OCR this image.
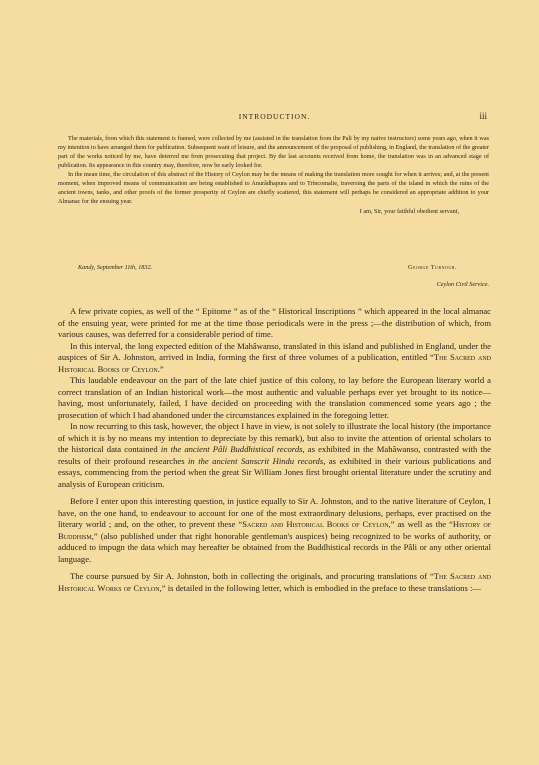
INTRODUCTION.	iii

The materials, from which this statement is framed, were collected by me (assisted in the translation from the Pali by my native instructors) some years ago, when it was my intention to have arranged them for publication. Subsequent want of leisure, and the announcement of the proposal of publishing, in England, the translation of the greater part of the works noticed by me, have deterred me from prosecuting that project. By the last accounts received from home, the translation was in an advanced stage of publication. Its appearance in this country may, therefore, now be early looked for.

In the mean time, the circulation of this abstract of the History of Ceylon may be the means of making the translation more sought for when it arrives; and, at the present moment, when improved means of communication are being established to Anurâdhapura and to Trincomalie, traversing the parts of the island in which the ruins of the ancient towns, tanks, and other proofs of the former prosperity of Ceylon are chiefly scattered, this statement will perhaps be considered an appropriate addition to your Almanac for the ensuing year.

I am, Sir, your faithful obedient servant,
Kandy, September 11th, 1832.	George Turnour.
Ceylon Civil Service.

A few private copies, as well of the “ Epitome ” as of the “ Historical Inscriptions ” which appeared in the local almanac of the ensuing year, were printed for me at the time those periodicals were in the press ;—the distribution of which, from various causes, was deferred for a considerable period of time.

In this interval, the long expected edition of the Mahâwanso, translated in this island and published in England, under the auspices of Sir A. Johnston, arrived in India, forming the first of three volumes of a publication, entitled “The Sacred and Historical Books of Ceylon.”

This laudable endeavour on the part of the late chief justice of this colony, to lay before the European literary world a correct translation of an Indian historical work—the most authentic and valuable perhaps ever yet brought to its notice—having, most unfortunately, failed, I have decided on proceeding with the translation commenced some years ago ; the prosecution of which I had abandoned under the circumstances explained in the foregoing letter.

In now recurring to this task, however, the object I have in view, is not solely to illustrate the local history (the importance of which it is by no means my intention to depreciate by this remark), but also to invite the attention of oriental scholars to the historical data contained in the ancient Pâli Buddhistical records, as exhibited in the Mahâwanso, contrasted with the results of their profound researches in the ancient Sanscrit Hindu records, as exhibited in their various publications and essays, commencing from the period when the great Sir William Jones first brought oriental literature under the scrutiny and analysis of European criticism.

Before I enter upon this interesting question, in justice equally to Sir A. Johnston, and to the native literature of Ceylon, I have, on the one hand, to endeavour to account for one of the most extraordinary delusions, perhaps, ever practised on the literary world ; and, on the other, to prevent these “Sacred and Historical Books of Ceylon,” as well as the “History of Buddhism,” (also published under that right honorable gentleman's auspices) being recognized to be works of authority, or adduced to impugn the data which may hereafter be obtained from the Buddhistical records in the Pâli or any other oriental language.

The course pursued by Sir A. Johnston, both in collecting the originals, and procuring translations of “The Sacred and Historical Works of Ceylon,” is detailed in the following letter, which is embodied in the preface to these translations :—
